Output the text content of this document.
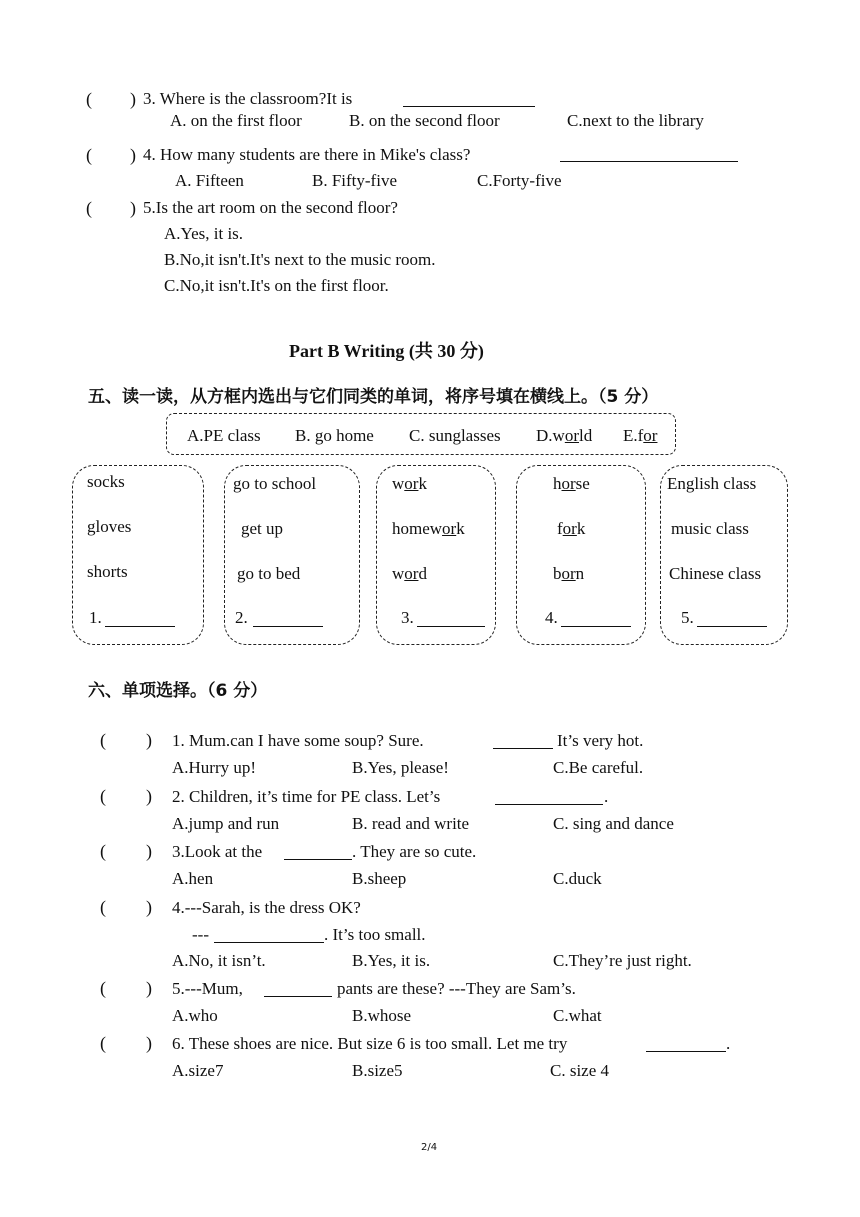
( ) 3. Where is the classroom?It is
A. on the first floor	B. on the second floor	C.next to the library
( ) 4. How many students are there in Mike's class?
A. Fifteen	B. Fifty-five	C.Forty-five
( ) 5.Is the art room on the second floor?
A.Yes, it is.
B.No,it isn't.It's next to the music room.
C.No,it isn't.It's on the first floor.
Part B Writing (共 30 分)
五、读一读，从方框内选出与它们同类的单词，将序号填在横线上。（5 分）
A.PE class B. go home C. sunglasses D.world E.for
socks
gloves
shorts
1.
go to school
get up
go to bed
2.
work
homework
word
3.
horse
fork
born
4.
English class
music class
Chinese class
5.
六、单项选择。（6 分）
( ) 1. Mum.can I have some soup? Sure.	It’s very hot.
A.Hurry up!	B.Yes, please!	C.Be careful.
( ) 2. Children, it’s time for PE class. Let’s	.
A.jump and run	B. read and write	C. sing and dance
( ) 3.Look at the	. They are so cute.
A.hen	B.sheep	C.duck
( ) 4.---Sarah, is the dress OK?
---	. It’s too small.
A.No, it isn’t.	B.Yes, it is.	C.They’re just right.
( ) 5.---Mum,	pants are these? ---They are Sam’s.
A.who	B.whose	C.what
( ) 6. These shoes are nice. But size 6 is too small. Let me try	.
A.size7	B.size5	C. size 4
2/4
